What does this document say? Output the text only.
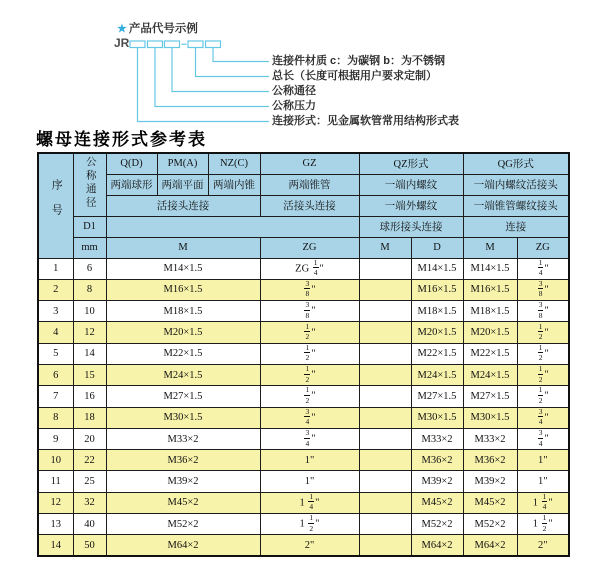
★ 产品代号示例
JR
连接件材质 c：为碳钢 b：为不锈钢
总长（长度可根据用户要求定制）
公称通径
公称压力
连接形式：见金属软管常用结构形式表
螺母连接形式参考表
序号	公称通径	Q(D)	PM(A)	NZ(C)	GZ	QZ形式		QG形式	
		两端球形	两端平面	两端内锥	两端锥管	一端内螺纹		一端内螺纹活接头	
		活接头连接			活接头连接	一端外螺纹		一端锥管螺纹接头	
	D1					球形接头连接		连接	
	mm	M			ZG	M	D	M	ZG
1	6	M14×1.5			ZG $\frac{1}{4}$ "		M14×1.5	M14×1.5	$\frac{1}{4}$ "
2	8	M16×1.5			$\frac{3}{8}$ "		M16×1.5	M16×1.5	$\frac{3}{8}$ "
3	10	M18×1.5			$\frac{3}{8}$ "		M18×1.5	M18×1.5	$\frac{3}{8}$ "
4	12	M20×1.5			$\frac{1}{2}$ "		M20×1.5	M20×1.5	$\frac{1}{2}$ "
5	14	M22×1.5			$\frac{1}{2}$ "		M22×1.5	M22×1.5	$\frac{1}{2}$ "
6	15	M24×1.5			$\frac{1}{2}$ "		M24×1.5	M24×1.5	$\frac{1}{2}$ "
7	16	M27×1.5			$\frac{1}{2}$ "		M27×1.5	M27×1.5	$\frac{1}{2}$ "
8	18	M30×1.5			$\frac{3}{4}$ "		M30×1.5	M30×1.5	$\frac{3}{4}$ "
9	20	M33×2			$\frac{3}{4}$ "		M33×2	M33×2	$\frac{3}{4}$ "
10	22	M36×2			1"		M36×2	M36×2	1"
11	25	M39×2			1"		M39×2	M39×2	1"
12	32	M45×2			$1 \frac{1}{4}$ "		M45×2	M45×2	$1 \frac{1}{4}$ "
13	40	M52×2			$1 \frac{1}{2}$ "		M52×2	M52×2	$1 \frac{1}{2}$ "
14	50	M64×2			2"		M64×2	M64×2	2"
